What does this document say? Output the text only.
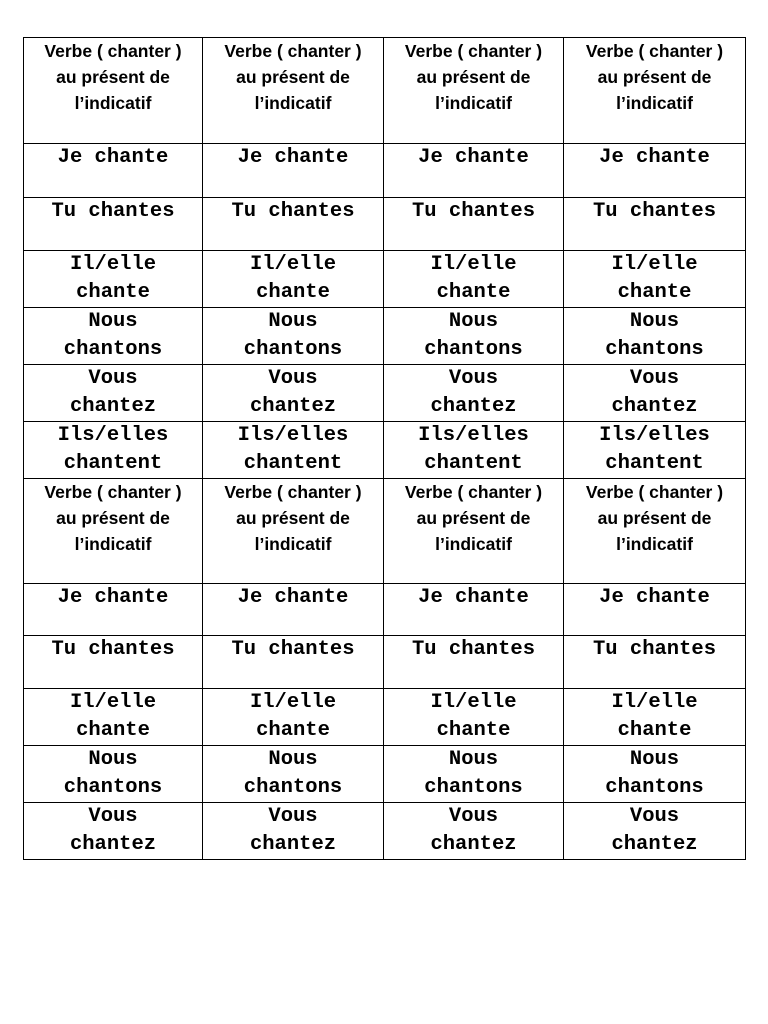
Verbe ( chanter )
au présent de
l’indicatif	Verbe ( chanter )
au présent de
l’indicatif	Verbe ( chanter )
au présent de
l’indicatif	Verbe ( chanter )
au présent de
l’indicatif

Je chante	Je chante	Je chante	Je chante

Tu chantes	Tu chantes	Tu chantes	Tu chantes

Il/elle
chante	Il/elle
chante	Il/elle
chante	Il/elle
chante

Nous
chantons	Nous
chantons	Nous
chantons	Nous
chantons

Vous
chantez	Vous
chantez	Vous
chantez	Vous
chantez

Ils/elles
chantent	Ils/elles
chantent	Ils/elles
chantent	Ils/elles
chantent

Verbe ( chanter )
au présent de
l’indicatif	Verbe ( chanter )
au présent de
l’indicatif	Verbe ( chanter )
au présent de
l’indicatif	Verbe ( chanter )
au présent de
l’indicatif

Je chante	Je chante	Je chante	Je chante

Tu chantes	Tu chantes	Tu chantes	Tu chantes

Il/elle
chante	Il/elle
chante	Il/elle
chante	Il/elle
chante

Nous
chantons	Nous
chantons	Nous
chantons	Nous
chantons

Vous
chantez	Vous
chantez	Vous
chantez	Vous
chantez
